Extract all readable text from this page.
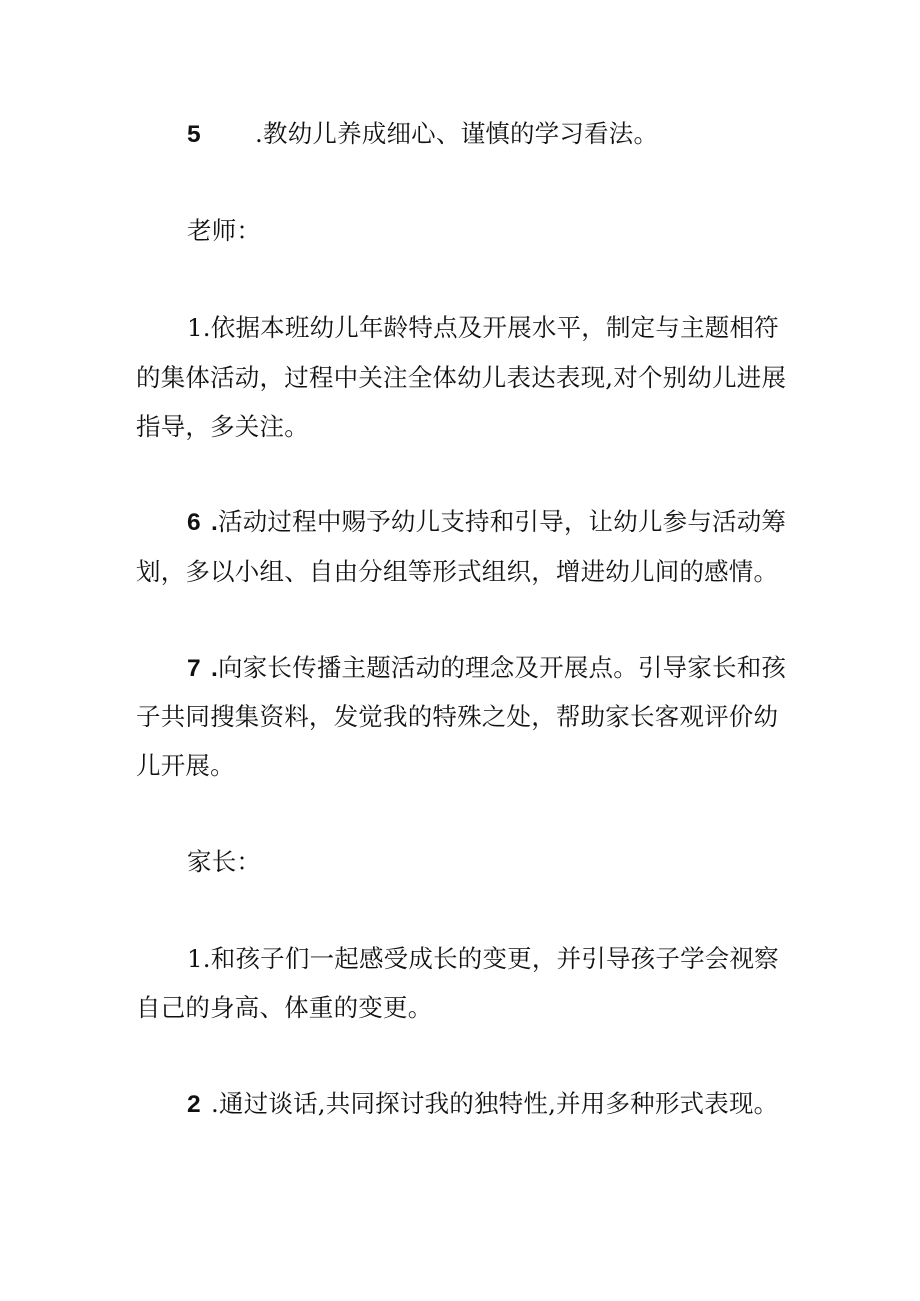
5 .教幼儿养成细心、谨慎的学习看法。
老师：
1.依据本班幼儿年龄特点及开展水平，制定与主题相符
的集体活动，过程中关注全体幼儿表达表现,对个别幼儿进展
指导，多关注。
6 .活动过程中赐予幼儿支持和引导，让幼儿参与活动筹
划，多以小组、自由分组等形式组织，增进幼儿间的感情。
7 .向家长传播主题活动的理念及开展点。引导家长和孩
子共同搜集资料，发觉我的特殊之处，帮助家长客观评价幼
儿开展。
家长：
1.和孩子们一起感受成长的变更，并引导孩子学会视察
自己的身高、体重的变更。
2 .通过谈话,共同探讨我的独特性,并用多种形式表现。
